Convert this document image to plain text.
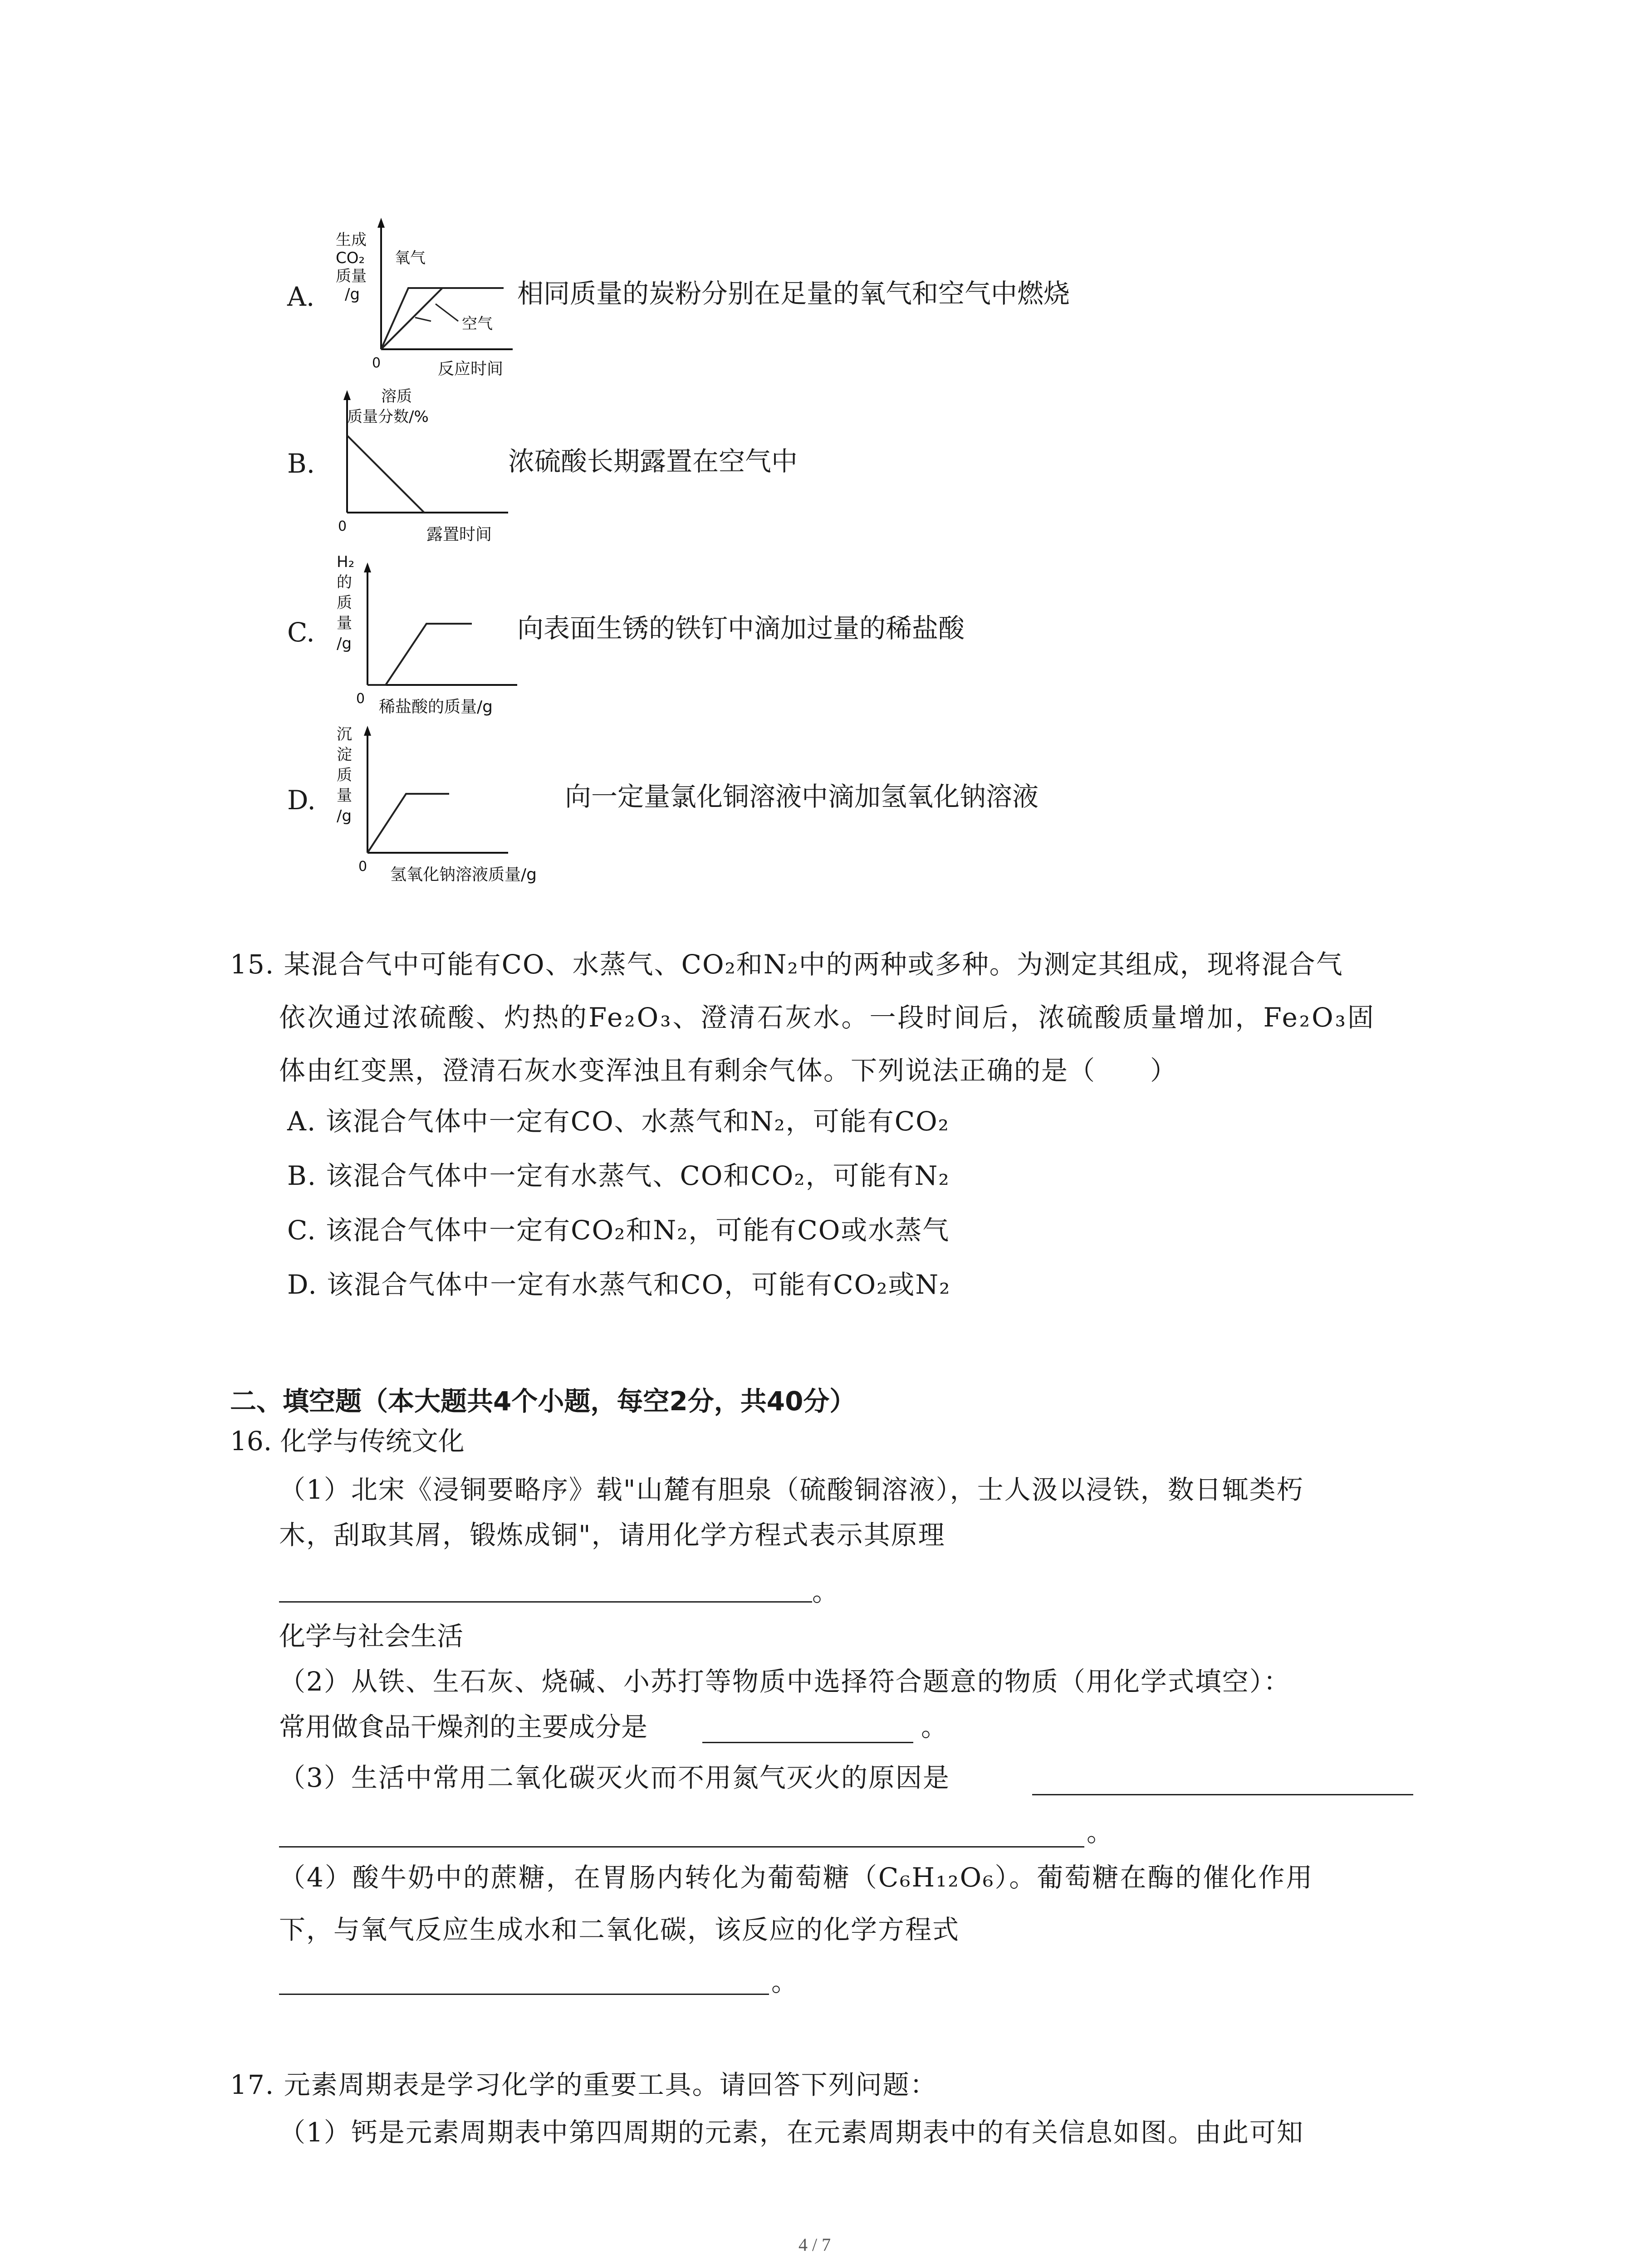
A.
生成
CO₂
质量
/g
0	反应时间
氧气
空气
相同质量的炭粉分别在足量的氧气和空气中燃烧
B.
溶质
质量分数/%
0	露置时间
浓硫酸长期露置在空气中
C.
H₂
的
质
量
/g
0 稀盐酸的质量/g
向表面生锈的铁钉中滴加过量的稀盐酸
D.
沉
淀
质
量
/g
0 氢氧化钠溶液质量/g
向一定量氯化铜溶液中滴加氢氧化钠溶液
15. 某混合气中可能有CO、水蒸气、CO₂和N₂中的两种或多种。为测定其组成，现将混合气
依次通过浓硫酸、灼热的Fe₂O₃、澄清石灰水。一段时间后，浓硫酸质量增加，Fe₂O₃固
体由红变黑，澄清石灰水变浑浊且有剩余气体。下列说法正确的是（　　）
A. 该混合气体中一定有CO、水蒸气和N₂，可能有CO₂
B. 该混合气体中一定有水蒸气、CO和CO₂，可能有N₂
C. 该混合气体中一定有CO₂和N₂，可能有CO或水蒸气
D. 该混合气体中一定有水蒸气和CO，可能有CO₂或N₂
二、填空题（本大题共4个小题，每空2分，共40分）
16. 化学与传统文化
（1）北宋《浸铜要略序》载"山麓有胆泉（硫酸铜溶液），士人汲以浸铁，数日辄类朽
木，刮取其屑，锻炼成铜"，请用化学方程式表示其原理
。
化学与社会生活
（2）从铁、生石灰、烧碱、小苏打等物质中选择符合题意的物质（用化学式填空）：
常用做食品干燥剂的主要成分是	。
（3）生活中常用二氧化碳灭火而不用氮气灭火的原因是
。
（4）酸牛奶中的蔗糖，在胃肠内转化为葡萄糖（C₆H₁₂O₆）。葡萄糖在酶的催化作用
下，与氧气反应生成水和二氧化碳，该反应的化学方程式
。
17. 元素周期表是学习化学的重要工具。请回答下列问题：
（1）钙是元素周期表中第四周期的元素，在元素周期表中的有关信息如图。由此可知
4 / 7
